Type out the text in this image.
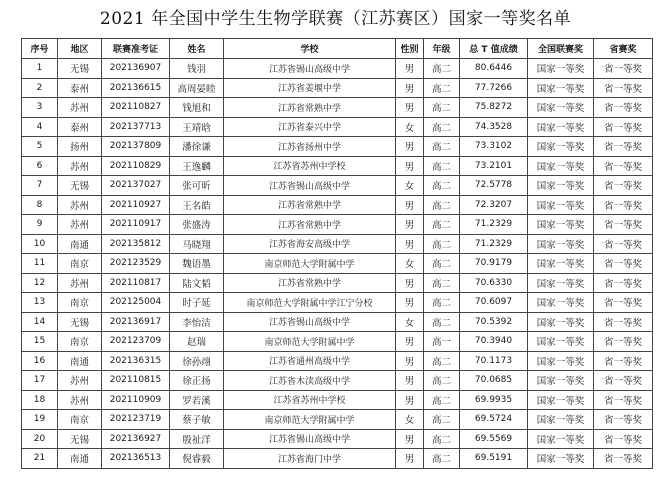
2021 年全国中学生生物学联赛（江苏赛区）国家一等奖名单
序号	地区	联赛准考证	姓名	学校	性别	年级	总 T 值成绩	全国联赛奖	省赛奖
1	无锡	202136907	钱羽	江苏省锡山高级中学	男	高二	80.6446	国家一等奖	省一等奖
2	泰州	202136615	高周晏睦	江苏省姜堰中学	男	高二	77.7266	国家一等奖	省一等奖
3	苏州	202110827	钱旭和	江苏省常熟中学	男	高二	75.8272	国家一等奖	省一等奖
4	泰州	202137713	王靖晗	江苏省泰兴中学	女	高二	74.3528	国家一等奖	省一等奖
5	扬州	202137809	潘徐谦	江苏省扬州中学	男	高二	73.3102	国家一等奖	省一等奖
6	苏州	202110829	王逸麟	江苏省苏州中学校	男	高二	73.2101	国家一等奖	省一等奖
7	无锡	202137027	张可昕	江苏省锡山高级中学	女	高二	72.5778	国家一等奖	省一等奖
8	苏州	202110927	王名皓	江苏省常熟中学	男	高二	72.3207	国家一等奖	省一等奖
9	苏州	202110917	张盛涛	江苏省常熟中学	男	高二	71.2329	国家一等奖	省一等奖
10	南通	202135812	马晓翔	江苏省海安高级中学	男	高二	71.2329	国家一等奖	省一等奖
11	南京	202123529	魏语墨	南京师范大学附属中学	女	高二	70.9179	国家一等奖	省一等奖
12	苏州	202110817	陆文韬	江苏省常熟中学	男	高二	70.6330	国家一等奖	省一等奖
13	南京	202125004	时子延	南京师范大学附属中学江宁分校	男	高二	70.6097	国家一等奖	省一等奖
14	无锡	202136917	李怡洁	江苏省锡山高级中学	女	高二	70.5392	国家一等奖	省一等奖
15	南京	202123709	赵瑞	南京师范大学附属中学	男	高一	70.3940	国家一等奖	省一等奖
16	南通	202136315	徐孙翊	江苏省通州高级中学	男	高二	70.1173	国家一等奖	省一等奖
17	苏州	202110815	徐正扬	江苏省木渎高级中学	男	高二	70.0685	国家一等奖	省一等奖
18	苏州	202110909	罗若溪	江苏省苏州中学校	男	高二	69.9935	国家一等奖	省一等奖
19	南京	202123719	蔡子敏	南京师范大学附属中学	女	高二	69.5724	国家一等奖	省一等奖
20	无锡	202136927	殷祉洋	江苏省锡山高级中学	男	高二	69.5569	国家一等奖	省一等奖
21	南通	202136513	倪睿毅	江苏省海门中学	男	高二	69.5191	国家一等奖	省一等奖
